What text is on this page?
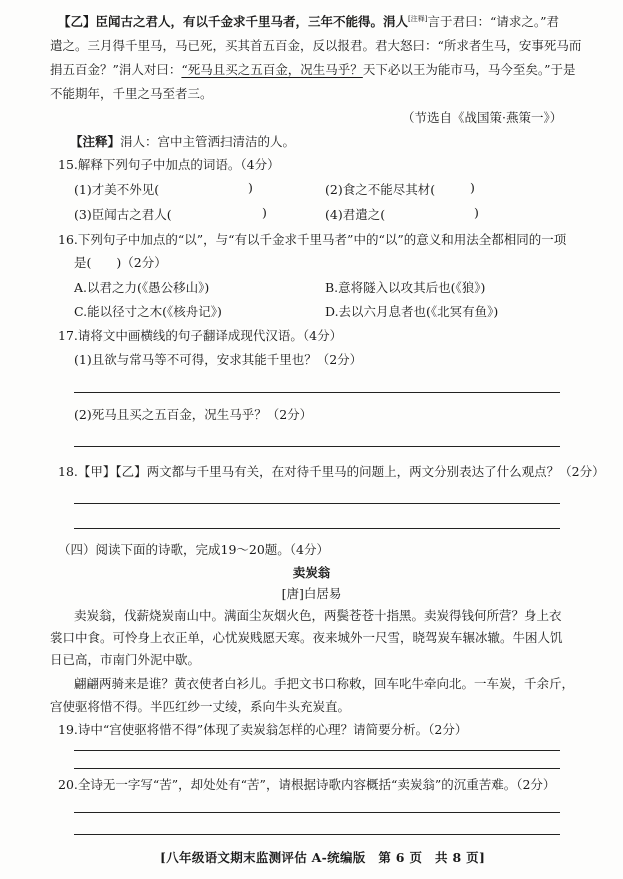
【乙】臣闻古之君人，有以千金求千里马者，三年不能得。涓人[注释]言于君曰：“请求之。”君
遣之。三月得千里马，马已死，买其首五百金，反以报君。君大怒曰：“所求者生马，安事死马而
捐五百金？”涓人对曰：“死马且买之五百金，况生马乎？天下必以王为能市马，马今至矣。”于是
不能期年，千里之马至者三。
（节选自《战国策·燕策一》）
【注释】涓人：宫中主管洒扫清洁的人。
15.解释下列句子中加点的词语。（4分）
(1)才美不外见(	)	(2)食之不能尽其材(	)
(3)臣闻古之君人(	)	(4)君遣之(	)
16.下列句子中加点的“以”，与“有以千金求千里马者”中的“以”的意义和用法全都相同的一项
是(　　)（2分）
A.以君之力(《愚公移山》)	B.意将隧入以攻其后也(《狼》)
C.能以径寸之木(《核舟记》)	D.去以六月息者也(《北冥有鱼》)
17.请将文中画横线的句子翻译成现代汉语。（4分）
(1)且欲与常马等不可得，安求其能千里也？（2分）
(2)死马且买之五百金，况生马乎？（2分）
18.【甲】【乙】两文都与千里马有关，在对待千里马的问题上，两文分别表达了什么观点？（2分）
（四）阅读下面的诗歌，完成19～20题。（4分）
卖炭翁
[唐]白居易
卖炭翁，伐薪烧炭南山中。满面尘灰烟火色，两鬓苍苍十指黑。卖炭得钱何所营？身上衣
裳口中食。可怜身上衣正单，心忧炭贱愿天寒。夜来城外一尺雪，晓驾炭车辗冰辙。牛困人饥
日已高，市南门外泥中歇。
翩翩两骑来是谁？黄衣使者白衫儿。手把文书口称敕，回车叱牛牵向北。一车炭，千余斤，
宫使驱将惜不得。半匹红纱一丈绫，系向牛头充炭直。
19.诗中“宫使驱将惜不得”体现了卖炭翁怎样的心理？请简要分析。（2分）
[八年级语文期末监测评估 A-统编版　第 6 页　共 8 页]
20.全诗无一字写“苦”，却处处有“苦”，请根据诗歌内容概括“卖炭翁”的沉重苦难。（2分）
